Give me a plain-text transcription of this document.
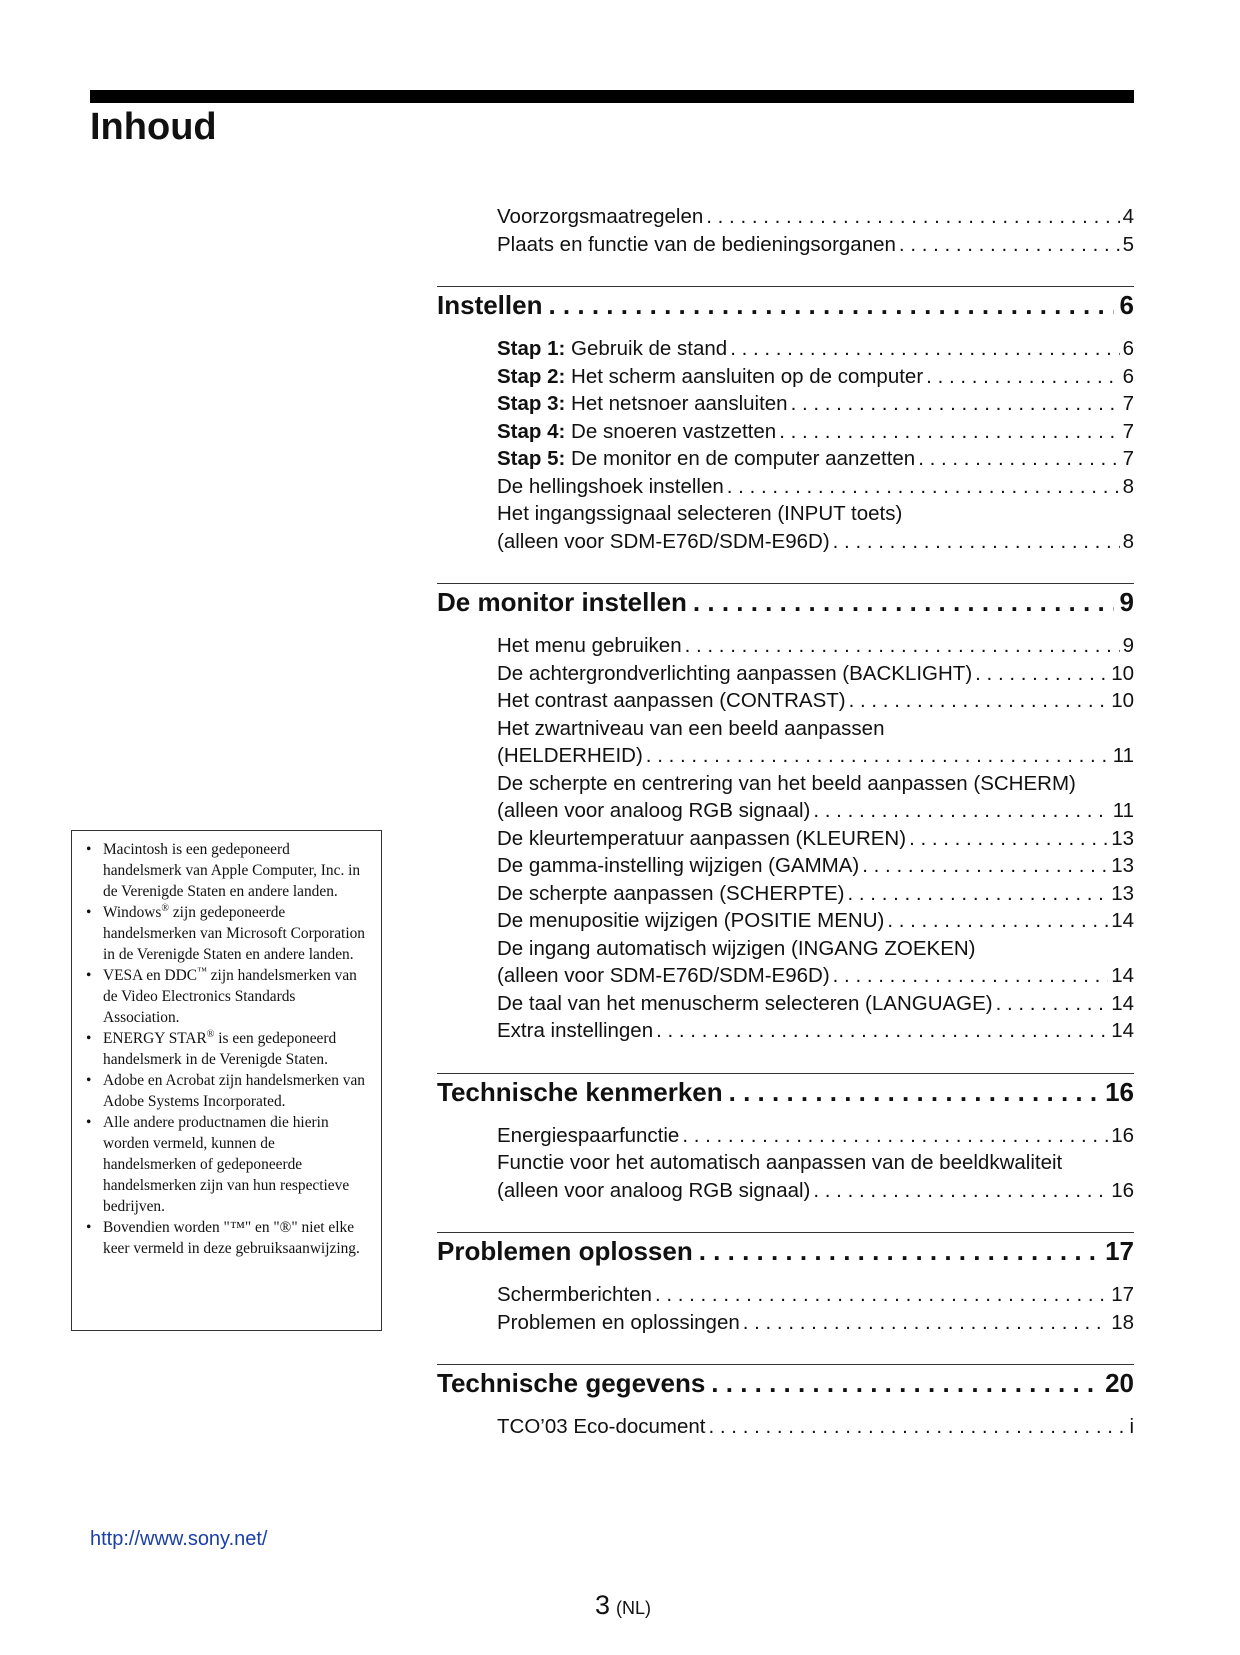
Inhoud
Voorzorgsmaatregelen . . .	4
Plaats en functie van de bedieningsorganen . . .	5
Instellen . . .	6
Stap 1: Gebruik de stand . . .	6
Stap 2: Het scherm aansluiten op de computer . . .	6
Stap 3: Het netsnoer aansluiten . . .	7
Stap 4: De snoeren vastzetten . . .	7
Stap 5: De monitor en de computer aanzetten . . .	7
De hellingshoek instellen . . .	8
Het ingangssignaal selecteren (INPUT toets)
(alleen voor SDM-E76D/SDM-E96D) . . .	8
De monitor instellen . . .	9
Het menu gebruiken . . .	9
De achtergrondverlichting aanpassen (BACKLIGHT) . . .	10
Het contrast aanpassen (CONTRAST) . . .	10
Het zwartniveau van een beeld aanpassen
(HELDERHEID) . . .	11
De scherpte en centrering van het beeld aanpassen (SCHERM)
(alleen voor analoog RGB signaal) . . .	11
De kleurtemperatuur aanpassen (KLEUREN) . . .	13
De gamma-instelling wijzigen (GAMMA) . . .	13
De scherpte aanpassen (SCHERPTE) . . .	13
De menupositie wijzigen (POSITIE MENU) . . .	14
De ingang automatisch wijzigen (INGANG ZOEKEN)
(alleen voor SDM-E76D/SDM-E96D) . . .	14
De taal van het menuscherm selecteren (LANGUAGE) . . .	14
Extra instellingen . . .	14
Technische kenmerken . . .	16
Energiespaarfunctie . . .	16
Functie voor het automatisch aanpassen van de beeldkwaliteit
(alleen voor analoog RGB signaal) . . .	16
Problemen oplossen . . .	17
Schermberichten . . .	17
Problemen en oplossingen . . .	18
Technische gegevens . . .	20
TCO’03 Eco-document . . .	i
• Macintosh is een gedeponeerd handelsmerk van Apple Computer, Inc. in de Verenigde Staten en andere landen.
• Windows® zijn gedeponeerde handelsmerken van Microsoft Corporation in de Verenigde Staten en andere landen.
• VESA en DDC™ zijn handelsmerken van de Video Electronics Standards Association.
• ENERGY STAR® is een gedeponeerd handelsmerk in de Verenigde Staten.
• Adobe en Acrobat zijn handelsmerken van Adobe Systems Incorporated.
• Alle andere productnamen die hierin worden vermeld, kunnen de handelsmerken of gedeponeerde handelsmerken zijn van hun respectieve bedrijven.
• Bovendien worden "™" en "®" niet elke keer vermeld in deze gebruiksaanwijzing.
http://www.sony.net/
3 (NL)
